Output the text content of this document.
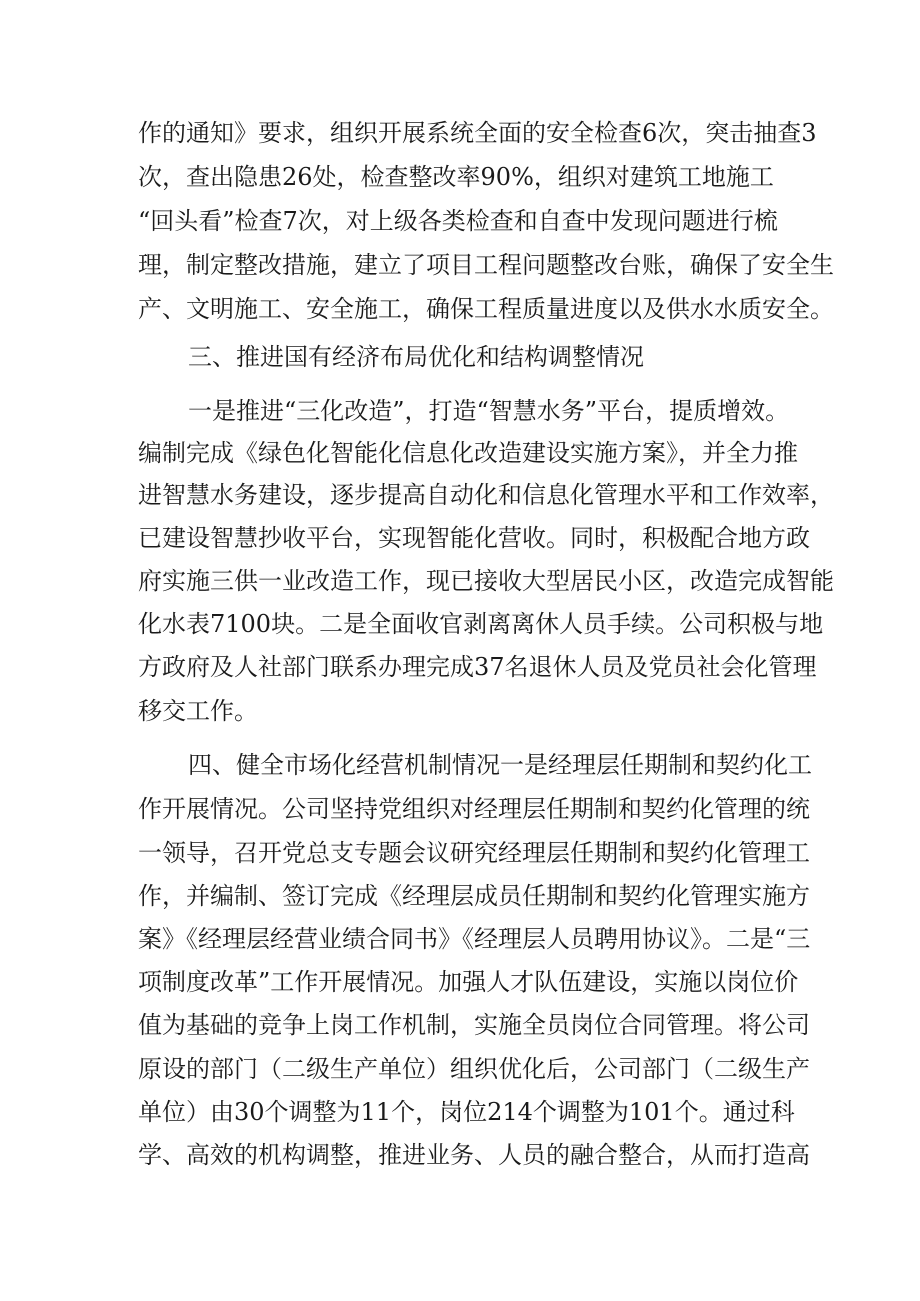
作的通知》要求，组织开展系统全面的安全检查6次，突击抽查3

次，查出隐患26处，检查整改率90%，组织对建筑工地施工

“回头看”检查7次，对上级各类检查和自查中发现问题进行梳

理，制定整改措施，建立了项目工程问题整改台账，确保了安全生

产、文明施工、安全施工，确保工程质量进度以及供水水质安全。

三、推进国有经济布局优化和结构调整情况

一是推进“三化改造”，打造“智慧水务”平台，提质增效。

编制完成《绿色化智能化信息化改造建设实施方案》，并全力推

进智慧水务建设，逐步提高自动化和信息化管理水平和工作效率，

已建设智慧抄收平台，实现智能化营收。同时，积极配合地方政

府实施三供一业改造工作，现已接收大型居民小区，改造完成智能

化水表7100块。二是全面收官剥离离休人员手续。公司积极与地

方政府及人社部门联系办理完成37名退休人员及党员社会化管理

移交工作。

四、健全市场化经营机制情况一是经理层任期制和契约化工

作开展情况。公司坚持党组织对经理层任期制和契约化管理的统

一领导，召开党总支专题会议研究经理层任期制和契约化管理工

作，并编制、签订完成《经理层成员任期制和契约化管理实施方

案》《经理层经营业绩合同书》《经理层人员聘用协议》。二是“三

项制度改革”工作开展情况。加强人才队伍建设，实施以岗位价

值为基础的竞争上岗工作机制，实施全员岗位合同管理。将公司

原设的部门（二级生产单位）组织优化后，公司部门（二级生产

单位）由30个调整为11个，岗位214个调整为101个。通过科

学、高效的机构调整，推进业务、人员的融合整合，从而打造高
